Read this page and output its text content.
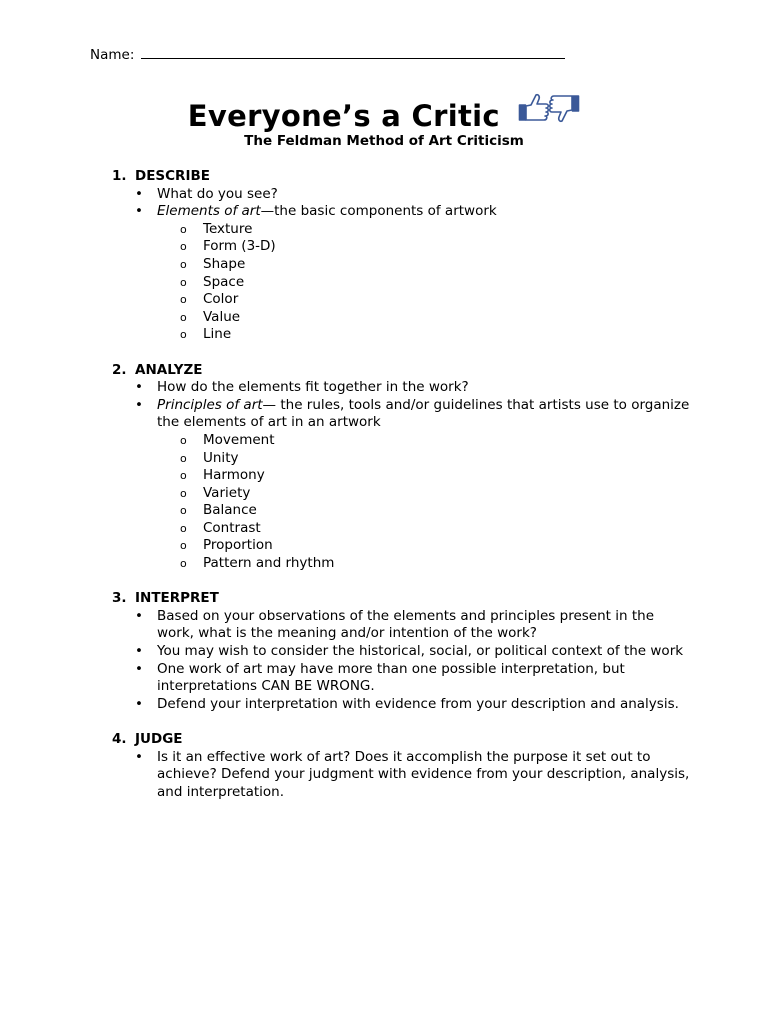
Name:
Everyone’s a Critic
The Feldman Method of Art Criticism
1. DESCRIBE
• What do you see?
• Elements of art—the basic components of artwork
o Texture
o Form (3-D)
o Shape
o Space
o Color
o Value
o Line
2. ANALYZE
• How do the elements fit together in the work?
• Principles of art— the rules, tools and/or guidelines that artists use to organize the elements of art in an artwork
o Movement
o Unity
o Harmony
o Variety
o Balance
o Contrast
o Proportion
o Pattern and rhythm
3. INTERPRET
• Based on your observations of the elements and principles present in the work, what is the meaning and/or intention of the work?
• You may wish to consider the historical, social, or political context of the work
• One work of art may have more than one possible interpretation, but interpretations CAN BE WRONG.
• Defend your interpretation with evidence from your description and analysis.
4. JUDGE
• Is it an effective work of art? Does it accomplish the purpose it set out to achieve? Defend your judgment with evidence from your description, analysis, and interpretation.
